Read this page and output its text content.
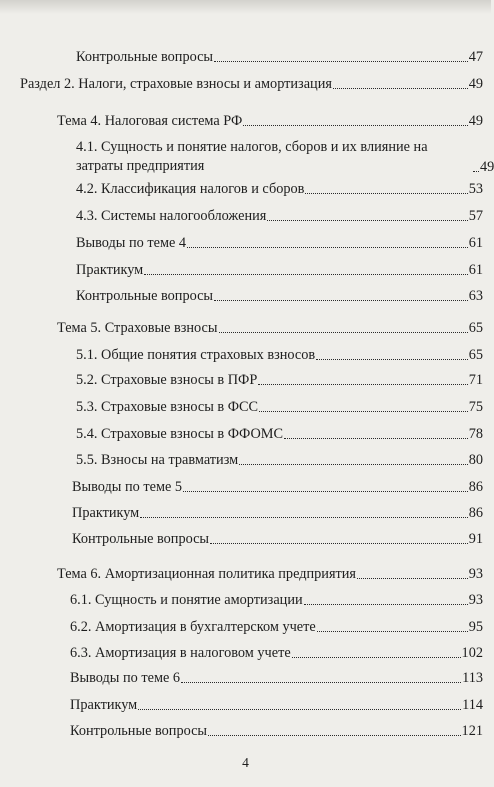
Контрольные вопросы	47
Раздел 2. Налоги, страховые взносы и амортизация	49
Тема 4. Налоговая система РФ	49
4.1. Сущность и понятие налогов, сборов и их влияние на затраты предприятия	49
4.2. Классификация налогов и сборов	53
4.3. Системы налогообложения	57
Выводы по теме 4	61
Практикум	61
Контрольные вопросы	63
Тема 5. Страховые взносы	65
5.1. Общие понятия страховых взносов	65
5.2. Страховые взносы в ПФР	71
5.3. Страховые взносы в ФСС	75
5.4. Страховые взносы в ФФОМС	78
5.5. Взносы на травматизм	80
Выводы по теме 5	86
Практикум	86
Контрольные вопросы	91
Тема 6. Амортизационная политика предприятия	93
6.1. Сущность и понятие амортизации	93
6.2. Амортизация в бухгалтерском учете	95
6.3. Амортизация в налоговом учете	102
Выводы по теме 6	113
Практикум	114
Контрольные вопросы	121
4
